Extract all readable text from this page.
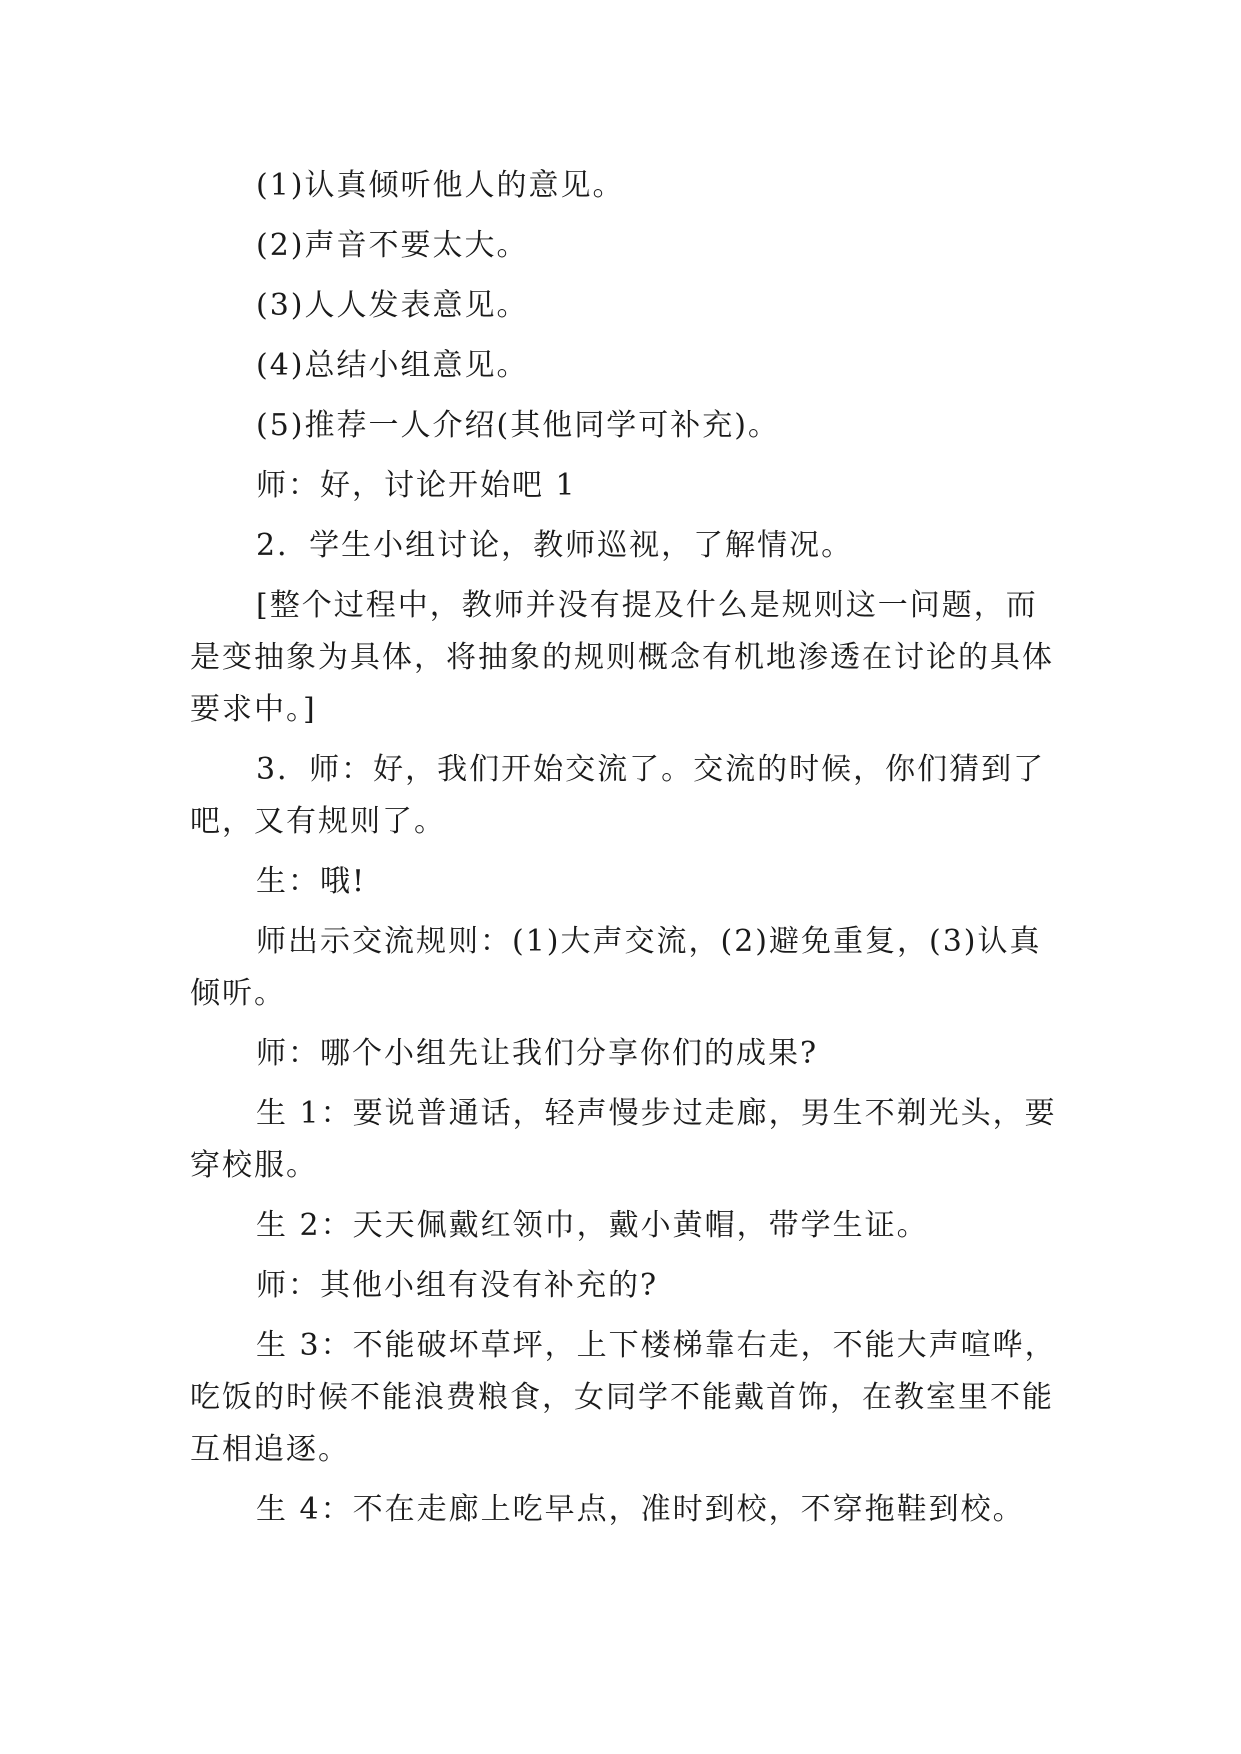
(1)认真倾听他人的意见。

(2)声音不要太大。

(3)人人发表意见。

(4)总结小组意见。

(5)推荐一人介绍(其他同学可补充)。

师：好，讨论开始吧 1

2．学生小组讨论，教师巡视，了解情况。

[整个过程中，教师并没有提及什么是规则这一问题，而是变抽象为具体，将抽象的规则概念有机地渗透在讨论的具体要求中。]

3．师：好，我们开始交流了。交流的时候，你们猜到了吧，又有规则了。

生：哦!

师出示交流规则：(1)大声交流，(2)避免重复，(3)认真倾听。

师：哪个小组先让我们分享你们的成果?

生 1：要说普通话，轻声慢步过走廊，男生不剃光头，要穿校服。

生 2：天天佩戴红领巾，戴小黄帽，带学生证。

师：其他小组有没有补充的?

生 3：不能破坏草坪，上下楼梯靠右走，不能大声喧哗，吃饭的时候不能浪费粮食，女同学不能戴首饰，在教室里不能互相追逐。

生 4：不在走廊上吃早点，准时到校，不穿拖鞋到校。
